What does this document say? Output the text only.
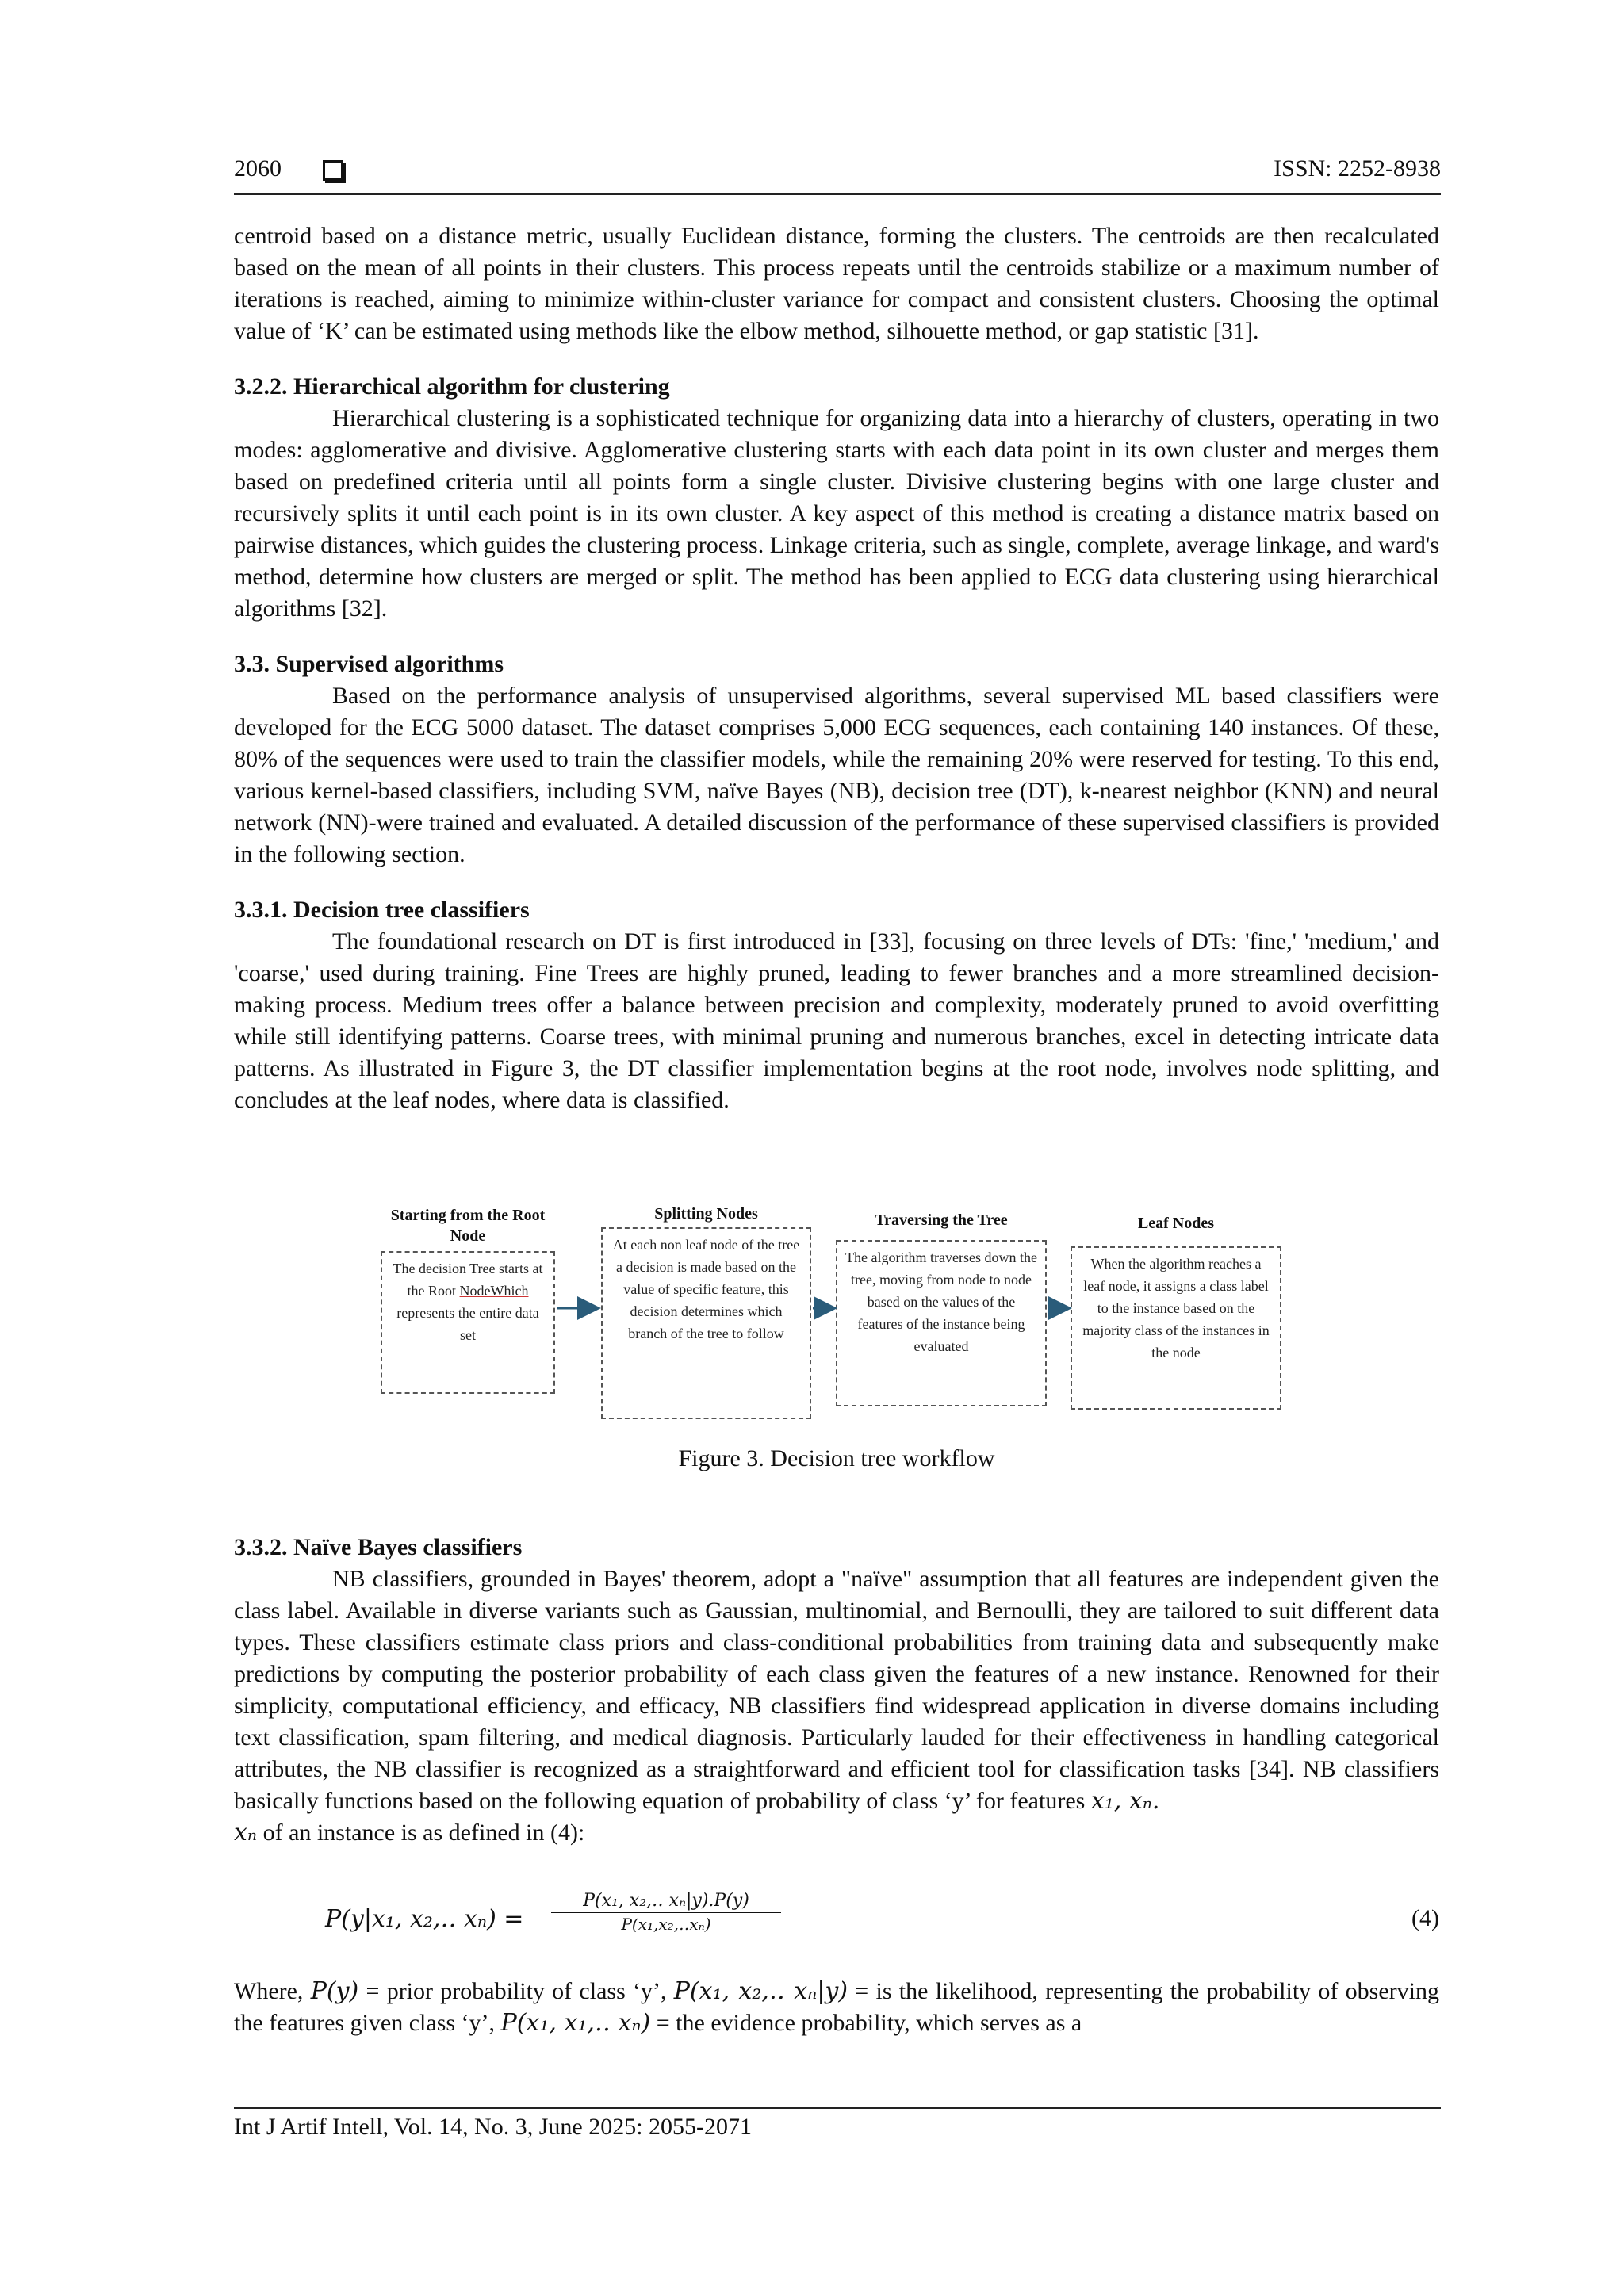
2060	ISSN: 2252-8938

centroid based on a distance metric, usually Euclidean distance, forming the clusters. The centroids are then recalculated based on the mean of all points in their clusters. This process repeats until the centroids stabilize or a maximum number of iterations is reached, aiming to minimize within-cluster variance for compact and consistent clusters. Choosing the optimal value of ‘K’ can be estimated using methods like the elbow method, silhouette method, or gap statistic [31].

3.2.2. Hierarchical algorithm for clustering

Hierarchical clustering is a sophisticated technique for organizing data into a hierarchy of clusters, operating in two modes: agglomerative and divisive. Agglomerative clustering starts with each data point in its own cluster and merges them based on predefined criteria until all points form a single cluster. Divisive clustering begins with one large cluster and recursively splits it until each point is in its own cluster. A key aspect of this method is creating a distance matrix based on pairwise distances, which guides the clustering process. Linkage criteria, such as single, complete, average linkage, and ward's method, determine how clusters are merged or split. The method has been applied to ECG data clustering using hierarchical algorithms [32].

3.3. Supervised algorithms

Based on the performance analysis of unsupervised algorithms, several supervised ML based classifiers were developed for the ECG 5000 dataset. The dataset comprises 5,000 ECG sequences, each containing 140 instances. Of these, 80% of the sequences were used to train the classifier models, while the remaining 20% were reserved for testing. To this end, various kernel-based classifiers, including SVM, naïve Bayes (NB), decision tree (DT), k-nearest neighbor (KNN) and neural network (NN)-were trained and evaluated. A detailed discussion of the performance of these supervised classifiers is provided in the following section.

3.3.1. Decision tree classifiers

The foundational research on DT is first introduced in [33], focusing on three levels of DTs: 'fine,' 'medium,' and 'coarse,' used during training. Fine Trees are highly pruned, leading to fewer branches and a more streamlined decision-making process. Medium trees offer a balance between precision and complexity, moderately pruned to avoid overfitting while still identifying patterns. Coarse trees, with minimal pruning and numerous branches, excel in detecting intricate data patterns. As illustrated in Figure 3, the DT classifier implementation begins at the root node, involves node splitting, and concludes at the leaf nodes, where data is classified.

Starting from the Root Node
The decision Tree starts at the Root NodeWhich represents the entire data set
Splitting Nodes
At each non leaf node of the tree a decision is made based on the value of specific feature, this decision determines which branch of the tree to follow
Traversing the Tree
The algorithm traverses down the tree, moving from node to node based on the values of the features of the instance being evaluated
Leaf Nodes
When the algorithm reaches a leaf node, it assigns a class label to the instance based on the majority class of the instances in the node
Figure 3. Decision tree workflow

3.3.2. Naïve Bayes classifiers

NB classifiers, grounded in Bayes' theorem, adopt a "naïve" assumption that all features are independent given the class label. Available in diverse variants such as Gaussian, multinomial, and Bernoulli, they are tailored to suit different data types. These classifiers estimate class priors and class-conditional probabilities from training data and subsequently make predictions by computing the posterior probability of each class given the features of a new instance. Renowned for their simplicity, computational efficiency, and efficacy, NB classifiers find widespread application in diverse domains including text classification, spam filtering, and medical diagnosis. Particularly lauded for their effectiveness in handling categorical attributes, the NB classifier is recognized as a straightforward and efficient tool for classification tasks [34]. NB classifiers basically functions based on the following equation of probability of class ‘y’ for features x₁, xₙ.
xₙ of an instance is as defined in (4):

P(y|x₁, x₂,‥ $x_n) = \frac{\text{P(x₁, x₂,‥ xₙ|y).P(y)}}{\text{P(x₁,x₂,‥xₙ)}}$	(4)

Where, P(y) = prior probability of class ‘y’, P(x₁, x₂,‥ xₙ|y) = is the likelihood, representing the probability of observing the features given class ‘y’, P(x₁, x₁,‥ xₙ) = the evidence probability, which serves as a

Int J Artif Intell, Vol. 14, No. 3, June 2025: 2055-2071
